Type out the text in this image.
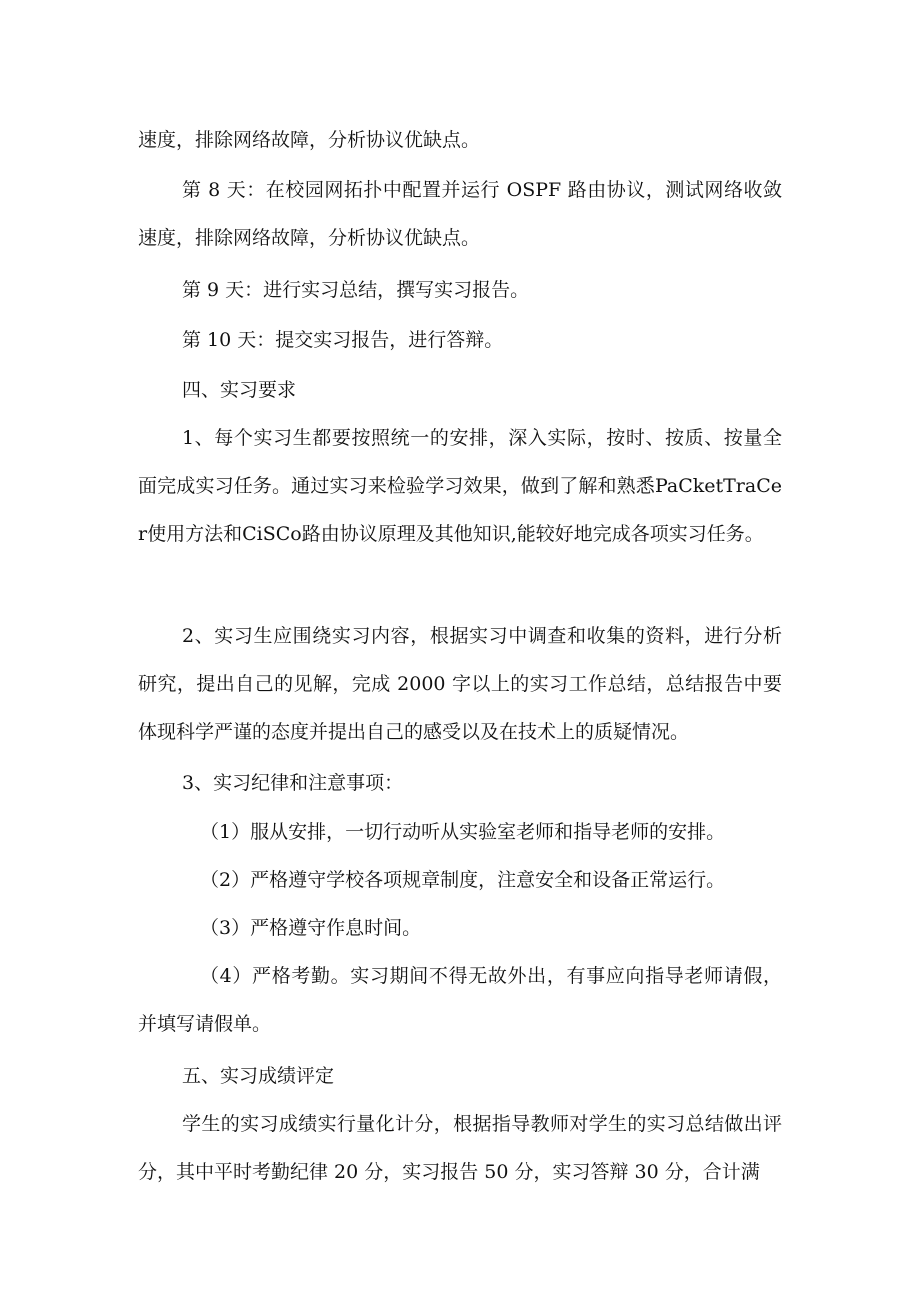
速度，排除网络故障，分析协议优缺点。

第 8 天：在校园网拓扑中配置并运行 OSPF 路由协议，测试网络收敛速度，排除网络故障，分析协议优缺点。

第 9 天：进行实习总结，撰写实习报告。

第 10 天：提交实习报告，进行答辩。

四、实习要求

1、每个实习生都要按照统一的安排，深入实际，按时、按质、按量全面完成实习任务。通过实习来检验学习效果，做到了解和熟悉PaCketTraCer使用方法和CiSCo路由协议原理及其他知识,能较好地完成各项实习任务。

2、实习生应围绕实习内容，根据实习中调查和收集的资料，进行分析研究，提出自己的见解，完成 2000 字以上的实习工作总结，总结报告中要体现科学严谨的态度并提出自己的感受以及在技术上的质疑情况。

3、实习纪律和注意事项：

（1）服从安排，一切行动听从实验室老师和指导老师的安排。

（2）严格遵守学校各项规章制度，注意安全和设备正常运行。

（3）严格遵守作息时间。

（4）严格考勤。实习期间不得无故外出，有事应向指导老师请假，并填写请假单。

五、实习成绩评定

学生的实习成绩实行量化计分，根据指导教师对学生的实习总结做出评分，其中平时考勤纪律 20 分，实习报告 50 分，实习答辩 30 分，合计满
